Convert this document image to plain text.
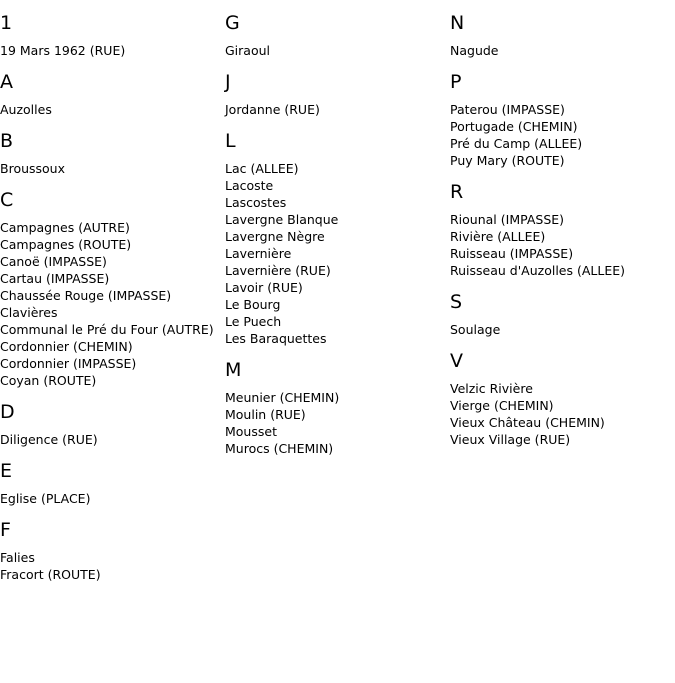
1
19 Mars 1962 (RUE)
A
Auzolles
B
Broussoux
C
Campagnes (AUTRE)
Campagnes (ROUTE)
Canoë (IMPASSE)
Cartau (IMPASSE)
Chaussée Rouge (IMPASSE)
Clavières
Communal le Pré du Four (AUTRE)
Cordonnier (CHEMIN)
Cordonnier (IMPASSE)
Coyan (ROUTE)
D
Diligence (RUE)
E
Eglise (PLACE)
F
Falies
Fracort (ROUTE)
G
Giraoul
J
Jordanne (RUE)
L
Lac (ALLEE)
Lacoste
Lascostes
Lavergne Blanque
Lavergne Nègre
Lavernière
Lavernière (RUE)
Lavoir (RUE)
Le Bourg
Le Puech
Les Baraquettes
M
Meunier (CHEMIN)
Moulin (RUE)
Mousset
Murocs (CHEMIN)
N
Nagude
P
Paterou (IMPASSE)
Portugade (CHEMIN)
Pré du Camp (ALLEE)
Puy Mary (ROUTE)
R
Riounal (IMPASSE)
Rivière (ALLEE)
Ruisseau (IMPASSE)
Ruisseau d'Auzolles (ALLEE)
S
Soulage
V
Velzic Rivière
Vierge (CHEMIN)
Vieux Château (CHEMIN)
Vieux Village (RUE)
